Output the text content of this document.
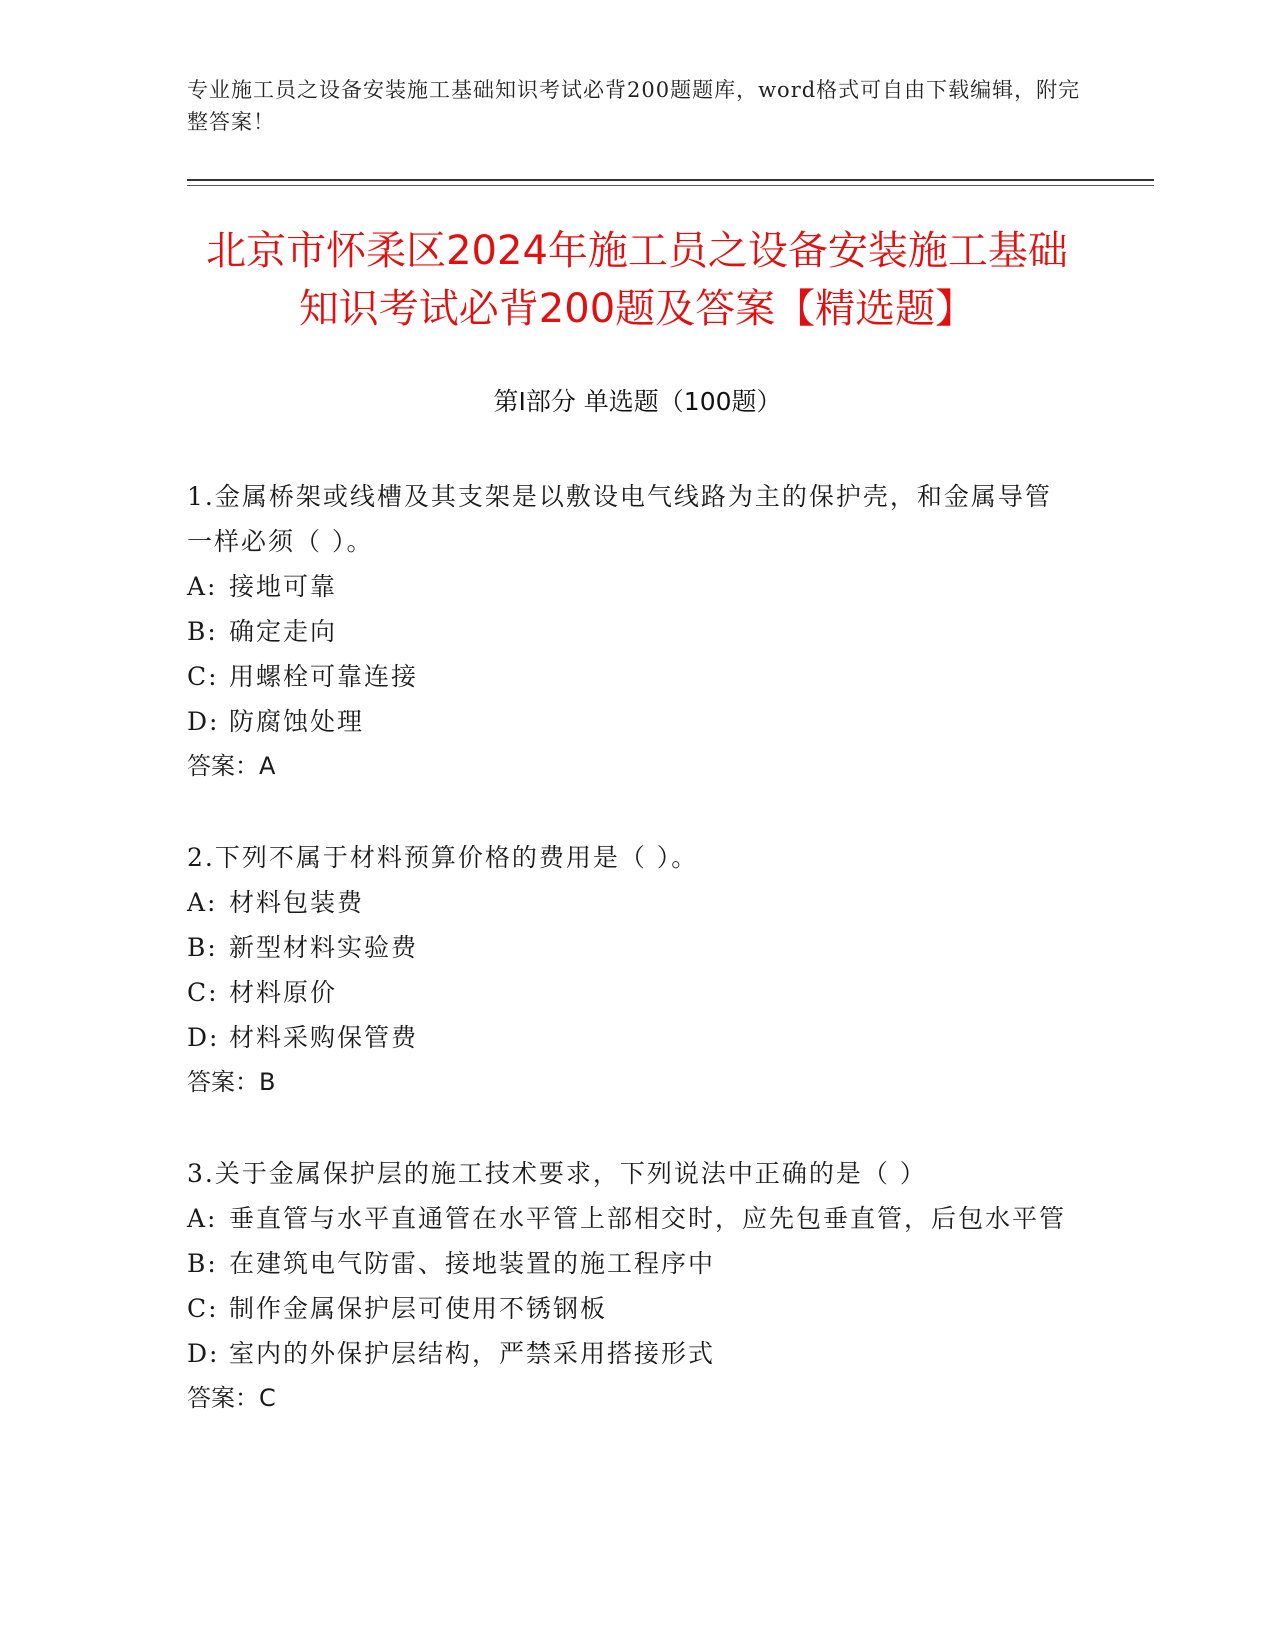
专业施工员之设备安装施工基础知识考试必背200题题库，word格式可自由下载编辑，附完整答案！
北京市怀柔区2024年施工员之设备安装施工基础知识考试必背200题及答案【精选题】
第I部分 单选题（100题）

1.金属桥架或线槽及其支架是以敷设电气线路为主的保护壳，和金属导管一样必须（ ）。

A: 接地可靠

B: 确定走向

C: 用螺栓可靠连接

D: 防腐蚀处理

答案：A

2.下列不属于材料预算价格的费用是（ ）。

A: 材料包装费

B: 新型材料实验费

C: 材料原价

D: 材料采购保管费

答案：B

3.关于金属保护层的施工技术要求，下列说法中正确的是（ ）

A: 垂直管与水平直通管在水平管上部相交时，应先包垂直管，后包水平管

B: 在建筑电气防雷、接地装置的施工程序中

C: 制作金属保护层可使用不锈钢板

D: 室内的外保护层结构，严禁采用搭接形式

答案：C
